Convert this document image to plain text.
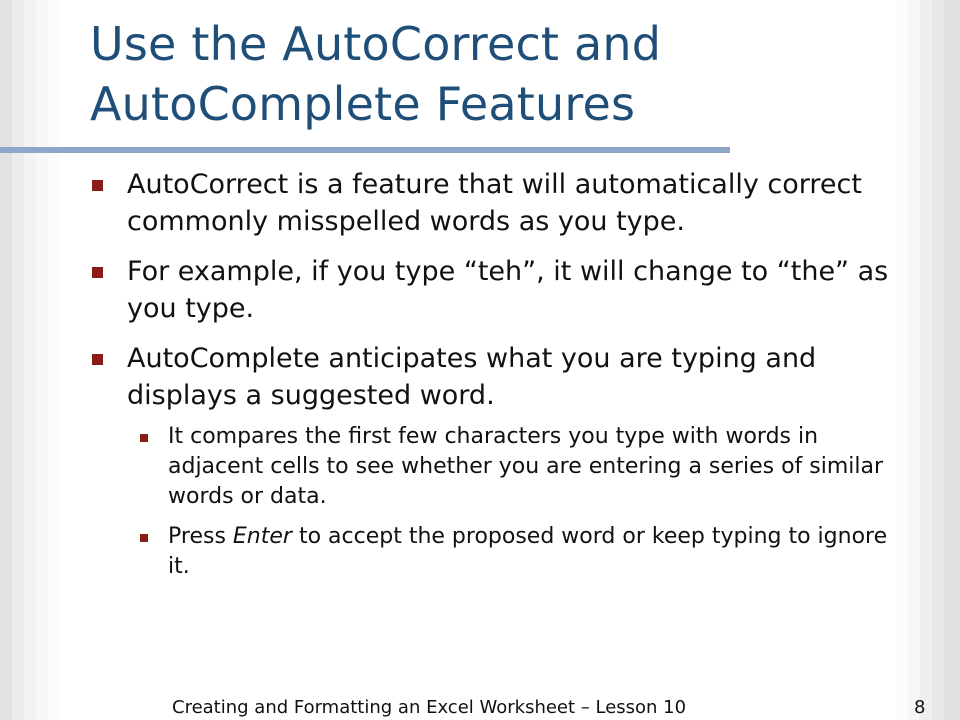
Use the AutoCorrect and AutoComplete Features
AutoCorrect is a feature that will automatically correct commonly misspelled words as you type.
For example, if you type “teh”, it will change to “the” as you type.
AutoComplete anticipates what you are typing and displays a suggested word.
It compares the first few characters you type with words in adjacent cells to see whether you are entering a series of similar words or data.
Press Enter to accept the proposed word or keep typing to ignore it.
Creating and Formatting an Excel Worksheet – Lesson 10	8
